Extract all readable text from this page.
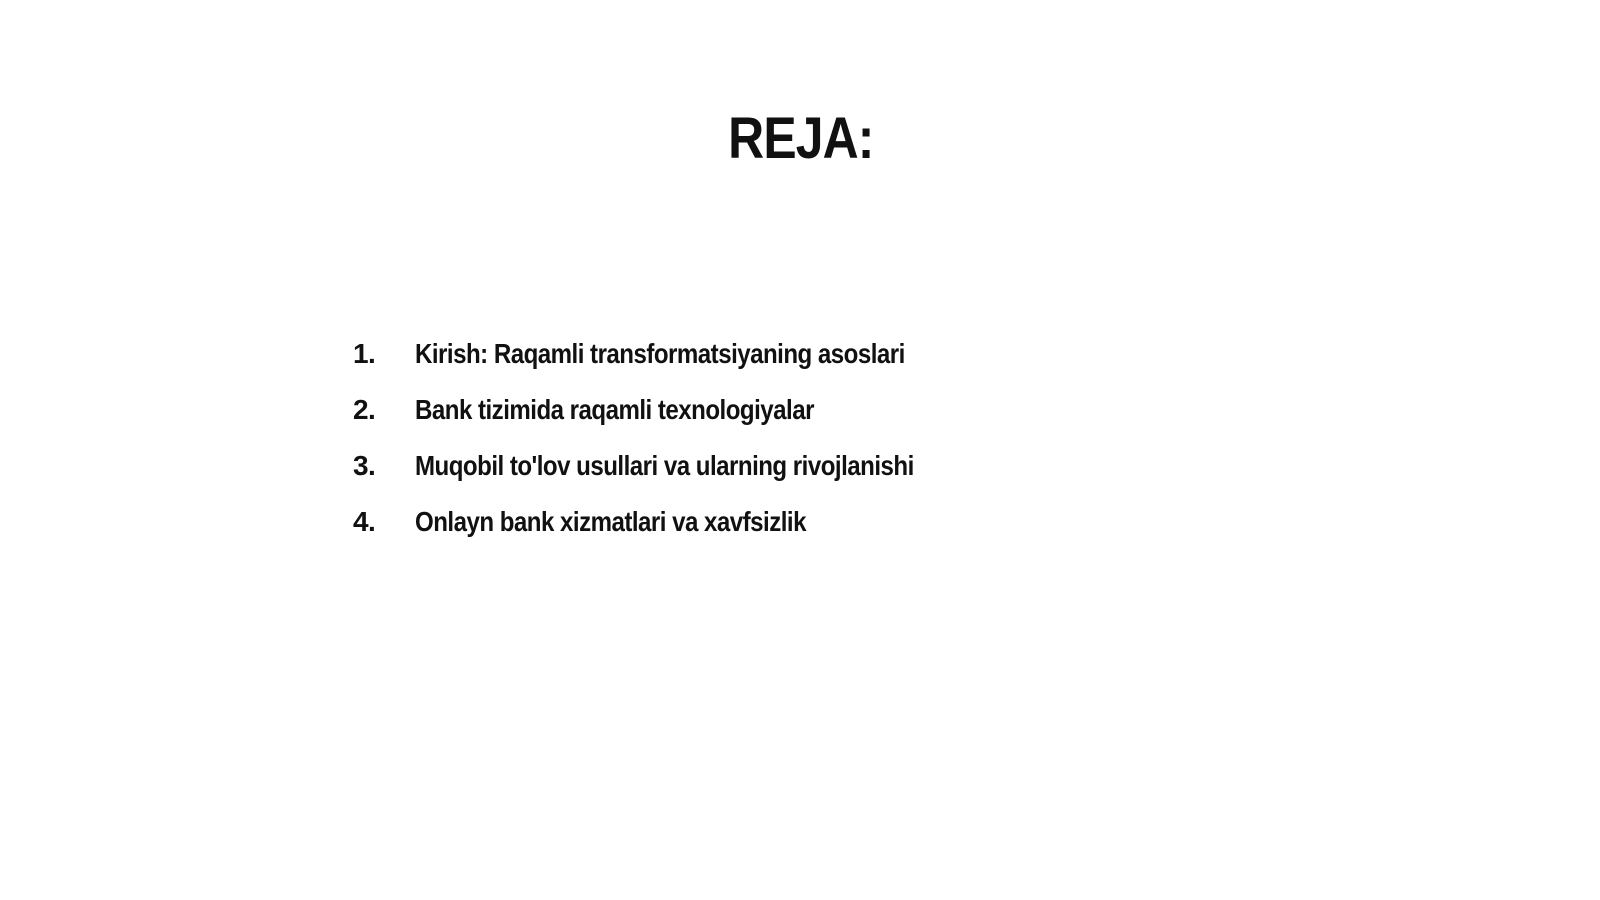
REJA:
1.	Kirish: Raqamli transformatsiyaning asoslari
2.	Bank tizimida raqamli texnologiyalar
3.	Muqobil to'lov usullari va ularning rivojlanishi
4.	Onlayn bank xizmatlari va xavfsizlik
